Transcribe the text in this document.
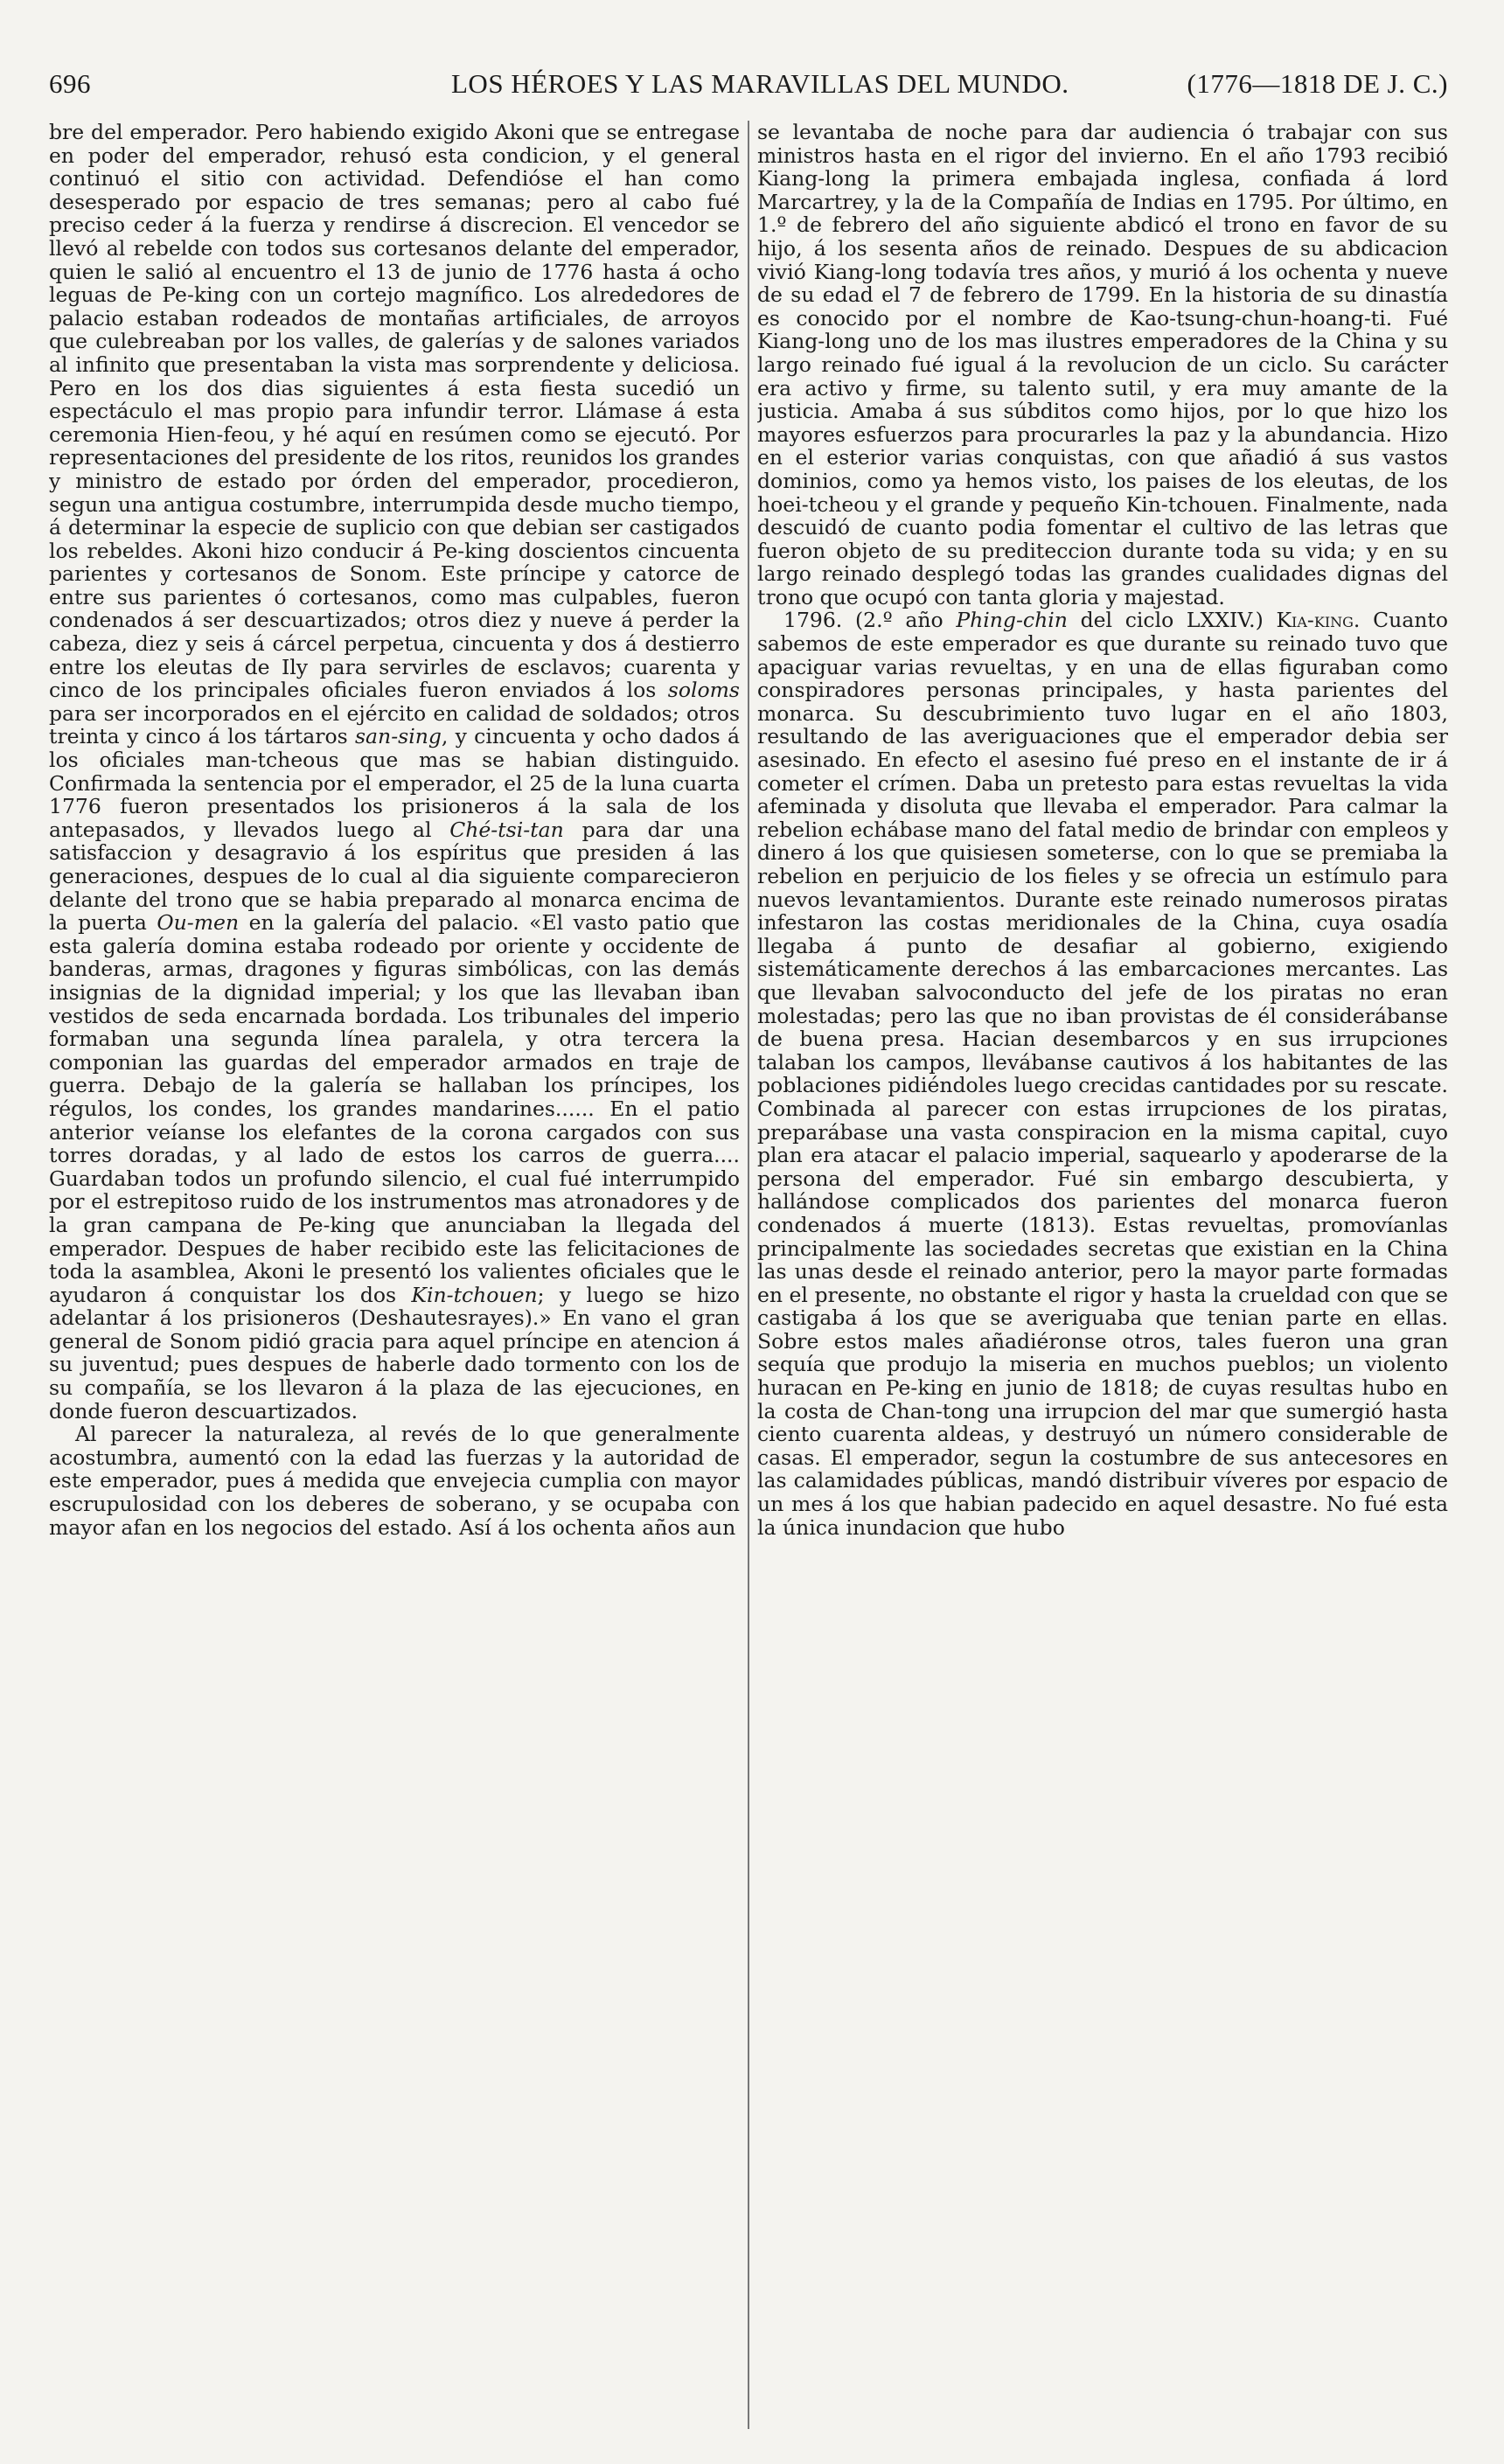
696	LOS HÉROES Y LAS MARAVILLAS DEL MUNDO.	(1776—1818 DE J. C.)

bre del emperador. Pero habiendo exigido Akoni que se entregase en poder del emperador, rehusó esta condicion, y el general continuó el sitio con actividad. Defendióse el han como desesperado por espacio de tres semanas; pero al cabo fué preciso ceder á la fuerza y rendirse á discrecion. El vencedor se llevó al rebelde con todos sus cortesanos delante del emperador, quien le salió al encuentro el 13 de junio de 1776 hasta á ocho leguas de Pe-king con un cortejo magnífico. Los alrededores de palacio estaban rodeados de montañas artificiales, de arroyos que culebreaban por los valles, de galerías y de salones variados al infinito que presentaban la vista mas sorprendente y deliciosa. Pero en los dos dias siguientes á esta fiesta sucedió un espectáculo el mas propio para infundir terror. Llámase á esta ceremonia Hien-feou, y hé aquí en resúmen como se ejecutó. Por representaciones del presidente de los ritos, reunidos los grandes y ministro de estado por órden del emperador, procedieron, segun una antigua costumbre, interrumpida desde mucho tiempo, á determinar la especie de suplicio con que debian ser castigados los rebeldes. Akoni hizo conducir á Pe-king doscientos cincuenta parientes y cortesanos de Sonom. Este príncipe y catorce de entre sus parientes ó cortesanos, como mas culpables, fueron condenados á ser descuartizados; otros diez y nueve á perder la cabeza, diez y seis á cárcel perpetua, cincuenta y dos á destierro entre los eleutas de Ily para servirles de esclavos; cuarenta y cinco de los principales oficiales fueron enviados á los soloms para ser incorporados en el ejército en calidad de soldados; otros treinta y cinco á los tártaros san-sing, y cincuenta y ocho dados á los oficiales man-tcheous que mas se habian distinguido. Confirmada la sentencia por el emperador, el 25 de la luna cuarta 1776 fueron presentados los prisioneros á la sala de los antepasados, y llevados luego al Ché-tsi-tan para dar una satisfaccion y desagravio á los espíritus que presiden á las generaciones, despues de lo cual al dia siguiente comparecieron delante del trono que se habia preparado al monarca encima de la puerta Ou-men en la galería del palacio. «El vasto patio que esta galería domina estaba rodeado por oriente y occidente de banderas, armas, dragones y figuras simbólicas, con las demás insignias de la dignidad imperial; y los que las llevaban iban vestidos de seda encarnada bordada. Los tribunales del imperio formaban una segunda línea paralela, y otra tercera la componian las guardas del emperador armados en traje de guerra. Debajo de la galería se hallaban los príncipes, los régulos, los condes, los grandes mandarines...... En el patio anterior veíanse los elefantes de la corona cargados con sus torres doradas, y al lado de estos los carros de guerra.... Guardaban todos un profundo silencio, el cual fué interrumpido por el estrepitoso ruido de los instrumentos mas atronadores y de la gran campana de Pe-king que anunciaban la llegada del emperador. Despues de haber recibido este las felicitaciones de toda la asamblea, Akoni le presentó los valientes oficiales que le ayudaron á conquistar los dos Kin-tchouen; y luego se hizo adelantar á los prisioneros (Deshautesrayes).» En vano el gran general de Sonom pidió gracia para aquel príncipe en atencion á su juventud; pues despues de haberle dado tormento con los de su compañía, se los llevaron á la plaza de las ejecuciones, en donde fueron descuartizados.

Al parecer la naturaleza, al revés de lo que generalmente acostumbra, aumentó con la edad las fuerzas y la autoridad de este emperador, pues á medida que envejecia cumplia con mayor escrupulosidad con los deberes de soberano, y se ocupaba con mayor afan en los negocios del estado. Así á los ochenta años aun

se levantaba de noche para dar audiencia ó trabajar con sus ministros hasta en el rigor del invierno. En el año 1793 recibió Kiang-long la primera embajada inglesa, confiada á lord Marcartrey, y la de la Compañía de Indias en 1795. Por último, en 1.º de febrero del año siguiente abdicó el trono en favor de su hijo, á los sesenta años de reinado. Despues de su abdicacion vivió Kiang-long todavía tres años, y murió á los ochenta y nueve de su edad el 7 de febrero de 1799. En la historia de su dinastía es conocido por el nombre de Kao-tsung-chun-hoang-ti. Fué Kiang-long uno de los mas ilustres emperadores de la China y su largo reinado fué igual á la revolucion de un ciclo. Su carácter era activo y firme, su talento sutil, y era muy amante de la justicia. Amaba á sus súbditos como hijos, por lo que hizo los mayores esfuerzos para procurarles la paz y la abundancia. Hizo en el esterior varias conquistas, con que añadió á sus vastos dominios, como ya hemos visto, los paises de los eleutas, de los hoei-tcheou y el grande y pequeño Kin-tchouen. Finalmente, nada descuidó de cuanto podia fomentar el cultivo de las letras que fueron objeto de su prediteccion durante toda su vida; y en su largo reinado desplegó todas las grandes cualidades dignas del trono que ocupó con tanta gloria y majestad.

1796. (2.º año Phing-chin del ciclo LXXIV.) Kia-king. Cuanto sabemos de este emperador es que durante su reinado tuvo que apaciguar varias revueltas, y en una de ellas figuraban como conspiradores personas principales, y hasta parientes del monarca. Su descubrimiento tuvo lugar en el año 1803, resultando de las averiguaciones que el emperador debia ser asesinado. En efecto el asesino fué preso en el instante de ir á cometer el crímen. Daba un pretesto para estas revueltas la vida afeminada y disoluta que llevaba el emperador. Para calmar la rebelion echábase mano del fatal medio de brindar con empleos y dinero á los que quisiesen someterse, con lo que se premiaba la rebelion en perjuicio de los fieles y se ofrecia un estímulo para nuevos levantamientos. Durante este reinado numerosos piratas infestaron las costas meridionales de la China, cuya osadía llegaba á punto de desafiar al gobierno, exigiendo sistemáticamente derechos á las embarcaciones mercantes. Las que llevaban salvoconducto del jefe de los piratas no eran molestadas; pero las que no iban provistas de él considerábanse de buena presa. Hacian desembarcos y en sus irrupciones talaban los campos, llevábanse cautivos á los habitantes de las poblaciones pidiéndoles luego crecidas cantidades por su rescate. Combinada al parecer con estas irrupciones de los piratas, preparábase una vasta conspiracion en la misma capital, cuyo plan era atacar el palacio imperial, saquearlo y apoderarse de la persona del emperador. Fué sin embargo descubierta, y hallándose complicados dos parientes del monarca fueron condenados á muerte (1813). Estas revueltas, promovíanlas principalmente las sociedades secretas que existian en la China las unas desde el reinado anterior, pero la mayor parte formadas en el presente, no obstante el rigor y hasta la crueldad con que se castigaba á los que se averiguaba que tenian parte en ellas. Sobre estos males añadiéronse otros, tales fueron una gran sequía que produjo la miseria en muchos pueblos; un violento huracan en Pe-king en junio de 1818; de cuyas resultas hubo en la costa de Chan-tong una irrupcion del mar que sumergió hasta ciento cuarenta aldeas, y destruyó un número considerable de casas. El emperador, segun la costumbre de sus antecesores en las calamidades públicas, mandó distribuir víveres por espacio de un mes á los que habian padecido en aquel desastre. No fué esta la única inundacion que hubo
